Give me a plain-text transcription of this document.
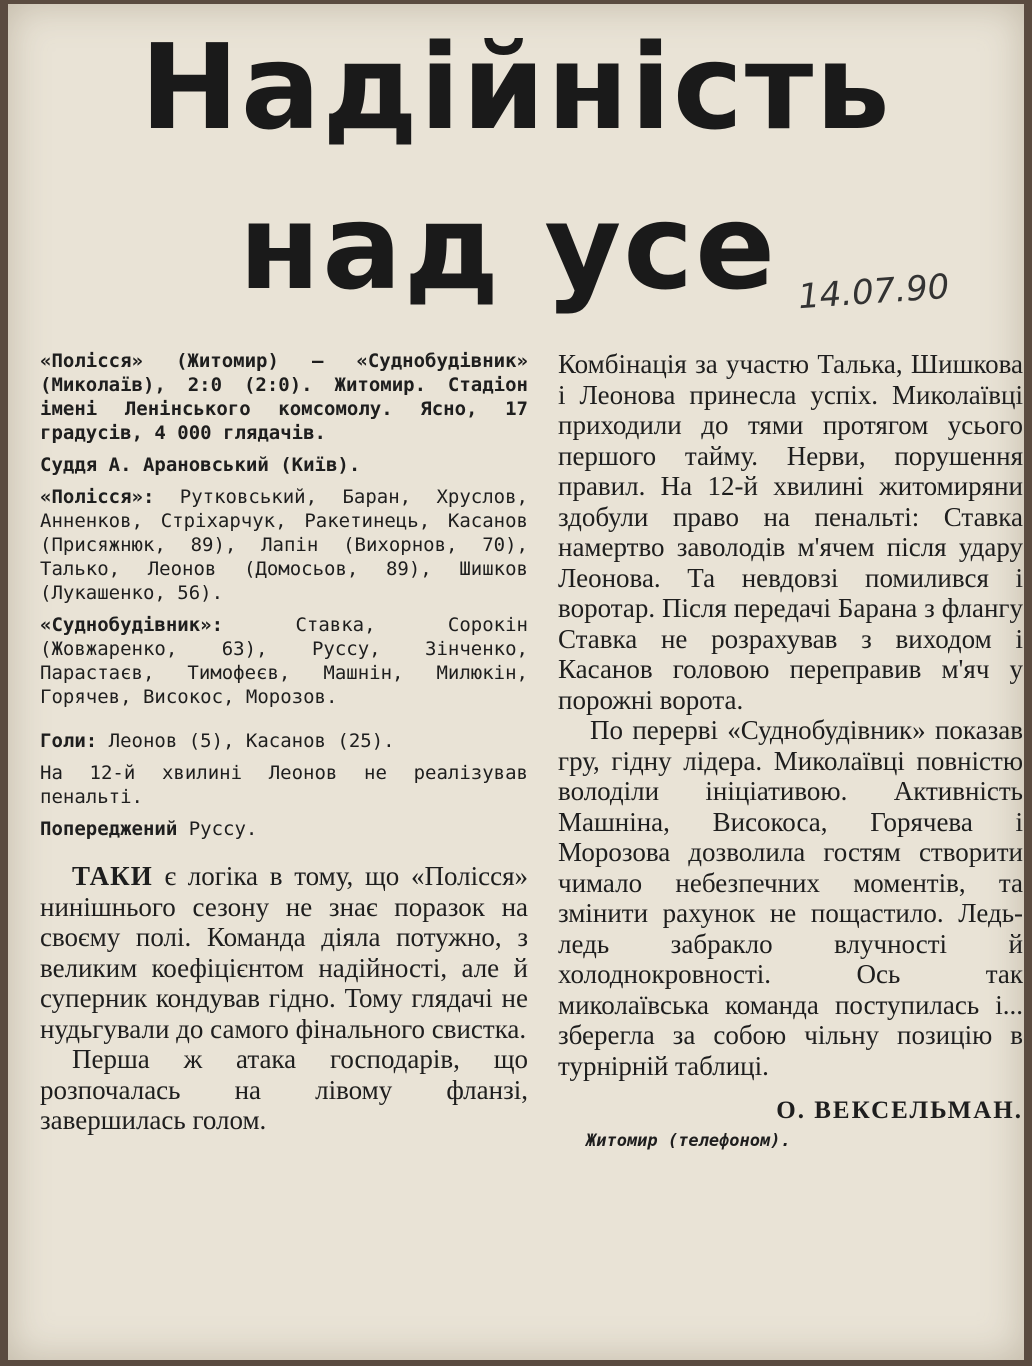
Надійність
над усе 14.07.90

«Полісся» (Житомир) — «Суднобудівник» (Миколаїв), 2:0 (2:0). Житомир. Стадіон імені Ленінського комсомолу. Ясно, 17 градусів, 4 000 глядачів.

Суддя А. Арановський (Київ).

«Полісся»: Рутковський, Баран, Хруслов, Анненков, Стріхарчук, Ракетинець, Касанов (Присяжнюк, 89), Лапін (Вихорнов, 70), Талько, Леонов (Домосьов, 89), Шишков (Лукашенко, 56).

«Суднобудівник»: Ставка, Сорокін (Жовжаренко, 63), Руссу, Зінченко, Парастаєв, Тимофеєв, Машнін, Милюкін, Горячев, Високос, Морозов.

Голи: Леонов (5), Касанов (25).

На 12-й хвилині Леонов не реалізував пенальті.

Попереджений Руссу.

ТАКИ є логіка в тому, що «Полісся» нинішнього сезону не знає поразок на своєму полі. Команда діяла потужно, з великим коефіцієнтом надійності, але й суперник кондував гідно. Тому глядачі не нудьгували до самого фінального свистка.

Перша ж атака господарів, що розпочалась на лівому фланзі, завершилась голом.

Комбінація за участю Талька, Шишкова і Леонова принесла успіх. Миколаївці приходили до тями протягом усього першого тайму. Нерви, порушення правил. На 12-й хвилині житомиряни здобули право на пенальті: Ставка намертво заволодів м'ячем після удару Леонова. Та невдовзі помилився і воротар. Після передачі Барана з флангу Ставка не розрахував з виходом і Касанов головою переправив м'яч у порожні ворота.

По перерві «Суднобудівник» показав гру, гідну лідера. Миколаївці повністю володіли ініціативою. Активність Машніна, Високоса, Горячева і Морозова дозволила гостям створити чимало небезпечних моментів, та змінити рахунок не пощастило. Ледь-ледь забракло влучності й холоднокровності. Ось так миколаївська команда поступилась і... зберегла за собою чільну позицію в турнірній таблиці.

О. ВЕКСЕЛЬМАН.
Житомир (телефоном).
